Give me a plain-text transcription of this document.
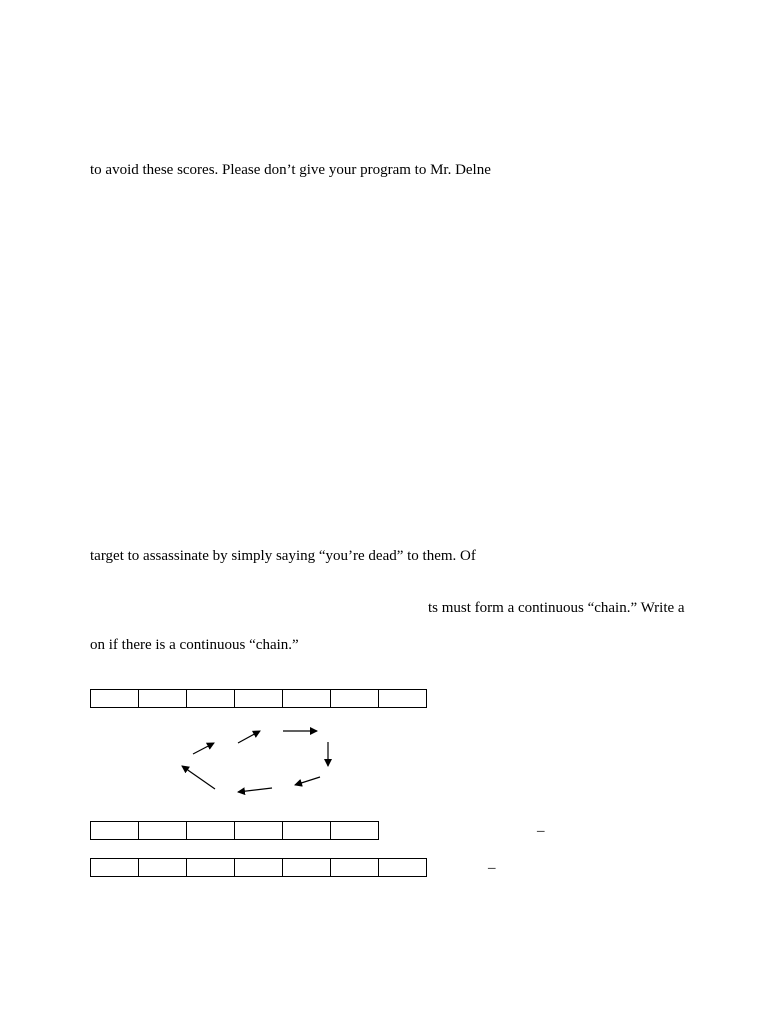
to avoid these scores. Please don’t give your program to Mr. Delne
target to assassinate by simply saying “you’re dead” to them. Of
ts must form a continuous “chain.” Write a
on if there is a continuous “chain.”
–
–
